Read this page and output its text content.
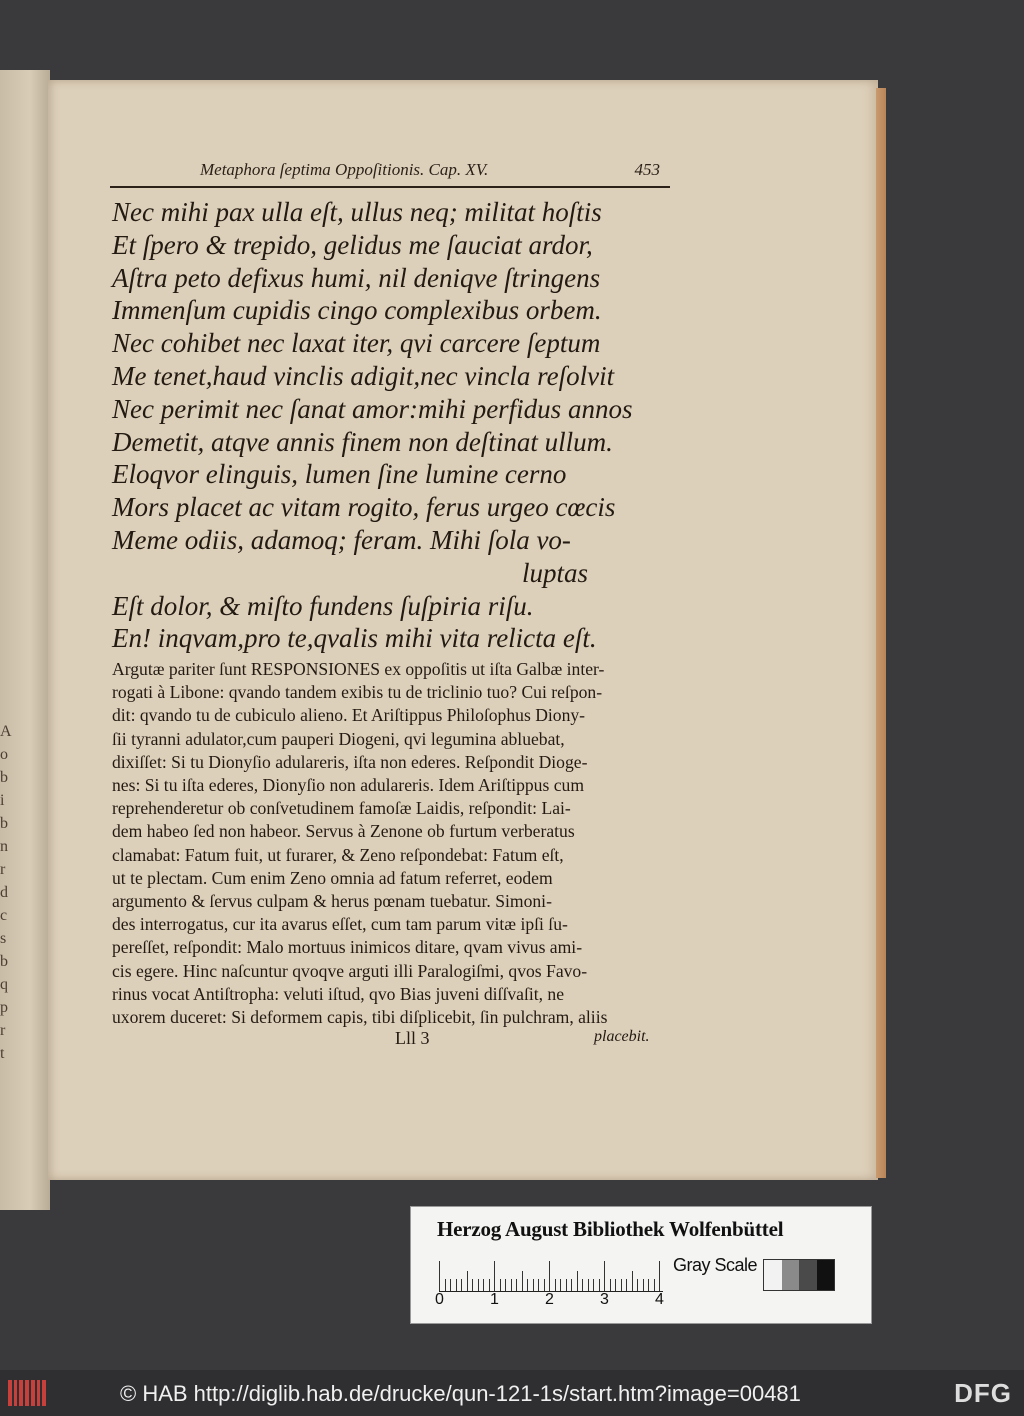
A
o
b
i
b
n
r
d
c
s
b
q
p
r
t
Metaphora ſeptima Oppoſitionis. Cap. XV.	453
Nec mihi pax ulla eſt, ullus neq; militat hoſtis
Et ſpero & trepido, gelidus me ſauciat ardor,
Aſtra peto defixus humi, nil deniqve ſtringens
Immenſum cupidis cingo complexibus orbem.
Nec cohibet nec laxat iter, qvi carcere ſeptum
Me tenet,haud vinclis adigit,nec vincla reſolvit
Nec perimit nec ſanat amor:mihi perfidus annos
Demetit, atqve annis finem non deſtinat ullum.
Eloqvor elinguis, lumen ſine lumine cerno
Mors placet ac vitam rogito, ferus urgeo cœcis
Meme odiis, adamoq; feram. Mihi ſola vo-
luptas
Eſt dolor, & miſto fundens ſuſpiria riſu.
En! inqvam,pro te,qvalis mihi vita relicta eſt.
Argutæ pariter ſunt RESPONSIONES ex oppoſitis ut iſta Galbæ inter-
rogati à Libone: qvando tandem exibis tu de triclinio tuo? Cui reſpon-
dit: qvando tu de cubiculo alieno. Et Ariſtippus Philoſophus Diony-
ſii tyranni adulator,cum pauperi Diogeni, qvi legumina abluebat,
dixiſſet: Si tu Dionyſio adulareris, iſta non ederes. Reſpondit Dioge-
nes: Si tu iſta ederes, Dionyſio non adulareris. Idem Ariſtippus cum
reprehenderetur ob conſvetudinem famoſæ Laidis, reſpondit: Lai-
dem habeo ſed non habeor. Servus à Zenone ob furtum verberatus
clamabat: Fatum fuit, ut furarer, & Zeno reſpondebat: Fatum eſt,
ut te plectam. Cum enim Zeno omnia ad fatum referret, eodem
argumento & ſervus culpam & herus pœnam tuebatur. Simoni-
des interrogatus, cur ita avarus eſſet, cum tam parum vitæ ipſi ſu-
pereſſet, reſpondit: Malo mortuus inimicos ditare, qvam vivus ami-
cis egere. Hinc naſcuntur qvoqve arguti illi Paralogiſmi, qvos Favo-
rinus vocat Antiſtropha: veluti iſtud, qvo Bias juveni diſſvaſit, ne
uxorem duceret: Si deformem capis, tibi diſplicebit, ſin pulchram, aliis
Lll 3	placebit.
Herzog August Bibliothek Wolfenbüttel
0	1	2	3	4
Gray Scale
© HAB http://diglib.hab.de/drucke/qun-121-1s/start.htm?image=00481	DFG
